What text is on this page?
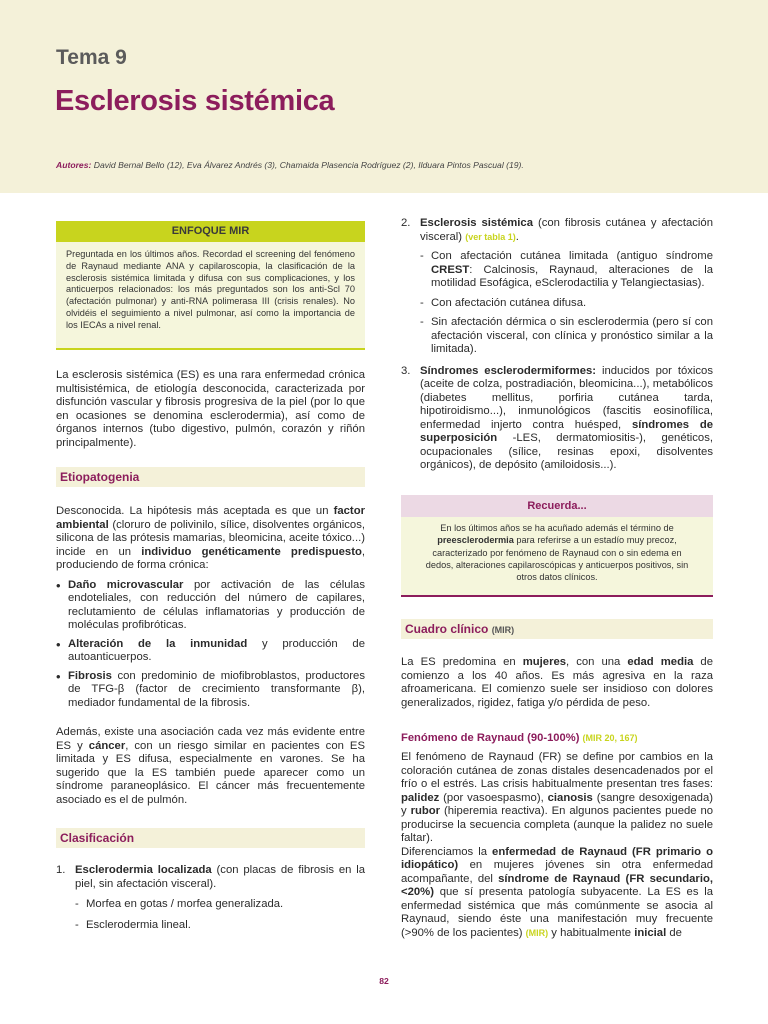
Tema 9
Esclerosis sistémica
Autores: David Bernal Bello (12), Eva Álvarez Andrés (3), Chamaida Plasencia Rodríguez (2), Ilduara Pintos Pascual (19).
ENFOQUE MIR
Preguntada en los últimos años. Recordad el screening del fenómeno de Raynaud mediante ANA y capilaroscopia, la clasificación de la esclerosis sistémica limitada y difusa con sus complicaciones, y los anticuerpos relacionados: los más preguntados son los anti-Scl 70 (afectación pulmonar) y anti-RNA polimerasa III (crisis renales). No olvidéis el seguimiento a nivel pulmonar, así como la importancia de los IECAs a nivel renal.
La esclerosis sistémica (ES) es una rara enfermedad crónica multisistémica, de etiología desconocida, caracterizada por disfunción vascular y fibrosis progresiva de la piel (por lo que en ocasiones se denomina esclerodermia), así como de órganos internos (tubo digestivo, pulmón, corazón y riñón principalmente).
Etiopatogenia

Desconocida. La hipótesis más aceptada es que un factor ambiental (cloruro de polivinilo, sílice, disolventes orgánicos, silicona de las prótesis mamarias, bleomicina, aceite tóxico...) incide en un individuo genéticamente predispuesto, produciendo de forma crónica:

• Daño microvascular por activación de las células endoteliales, con reducción del número de capilares, reclutamiento de células inflamatorias y producción de moléculas profibróticas.
• Alteración de la inmunidad y producción de autoanticuerpos.
• Fibrosis con predominio de miofibroblastos, productores de TFG-β (factor de crecimiento transformante β), mediador fundamental de la fibrosis.

Además, existe una asociación cada vez más evidente entre ES y cáncer, con un riesgo similar en pacientes con ES limitada y ES difusa, especialmente en varones. Se ha sugerido que la ES también puede aparecer como un síndrome paraneoplásico. El cáncer más frecuentemente asociado es el de pulmón.

Clasificación
1. Esclerodermia localizada (con placas de fibrosis en la piel, sin afectación visceral).
- Morfea en gotas / morfea generalizada.
- Esclerodermia lineal.
2. Esclerosis sistémica (con fibrosis cutánea y afectación visceral) (ver tabla 1).
- Con afectación cutánea limitada (antiguo síndrome CREST: Calcinosis, Raynaud, alteraciones de la motilidad Esofágica, eSclerodactilia y Telangiectasias).
- Con afectación cutánea difusa.
- Sin afectación dérmica o sin esclerodermia (pero sí con afectación visceral, con clínica y pronóstico similar a la limitada).
3. Síndromes esclerodermiformes: inducidos por tóxicos (aceite de colza, postradiación, bleomicina...), metabólicos (diabetes mellitus, porfiria cutánea tarda, hipotiroidismo...), inmunológicos (fascitis eosinofílica, enfermedad injerto contra huésped, síndromes de superposición -LES, dermatomiositis-), genéticos, ocupacionales (sílice, resinas epoxi, disolventes orgánicos), de depósito (amiloidosis...).
Recuerda...
En los últimos años se ha acuñado además el término de preesclerodermia para referirse a un estadío muy precoz, caracterizado por fenómeno de Raynaud con o sin edema en dedos, alteraciones capilaroscópicas y anticuerpos positivos, sin otros datos clínicos.
Cuadro clínico (MIR)
La ES predomina en mujeres, con una edad media de comienzo a los 40 años. Es más agresiva en la raza afroamericana. El comienzo suele ser insidioso con dolores generalizados, rigidez, fatiga y/o pérdida de peso.
Fenómeno de Raynaud (90-100%) (MIR 20, 167)

El fenómeno de Raynaud (FR) se define por cambios en la coloración cutánea de zonas distales desencadenados por el frío o el estrés. Las crisis habitualmente presentan tres fases: palidez (por vasoespasmo), cianosis (sangre desoxigenada) y rubor (hiperemia reactiva). En algunos pacientes puede no producirse la secuencia completa (aunque la palidez no suele faltar).

Diferenciamos la enfermedad de Raynaud (FR primario o idiopático) en mujeres jóvenes sin otra enfermedad acompañante, del síndrome de Raynaud (FR secundario, <20%) que sí presenta patología subyacente. La ES es la enfermedad sistémica que más comúnmente se asocia al Raynaud, siendo éste una manifestación muy frecuente (>90% de los pacientes) (MIR) y habitualmente inicial de

82
